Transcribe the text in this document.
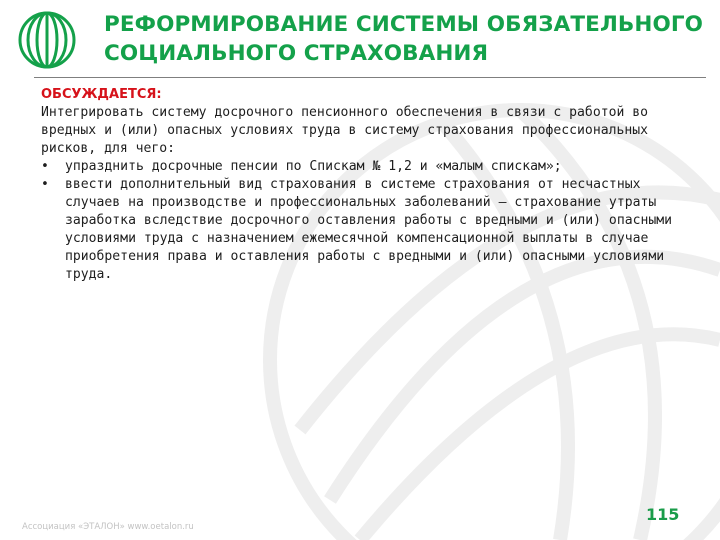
РЕФОРМИРОВАНИЕ СИСТЕМЫ ОБЯЗАТЕЛЬНОГО
СОЦИАЛЬНОГО СТРАХОВАНИЯ
ОБСУЖДАЕТСЯ:
Интегрировать систему досрочного пенсионного обеспечения в связи с работой во вредных и (или) опасных условиях труда в систему страхования профессиональных рисков, для чего:
•	упразднить досрочные пенсии по Спискам № 1,2 и «малым спискам»;
•	ввести дополнительный вид страхования в системе страхования от несчастных случаев на производстве и профессиональных заболеваний – страхование утраты заработка вследствие досрочного оставления работы с вредными и (или) опасными условиями труда с назначением ежемесячной компенсационной выплаты в случае приобретения права и оставления работы с вредными и (или) опасными условиями труда.
Ассоциация «ЭТАЛОН» www.oetalon.ru
115
